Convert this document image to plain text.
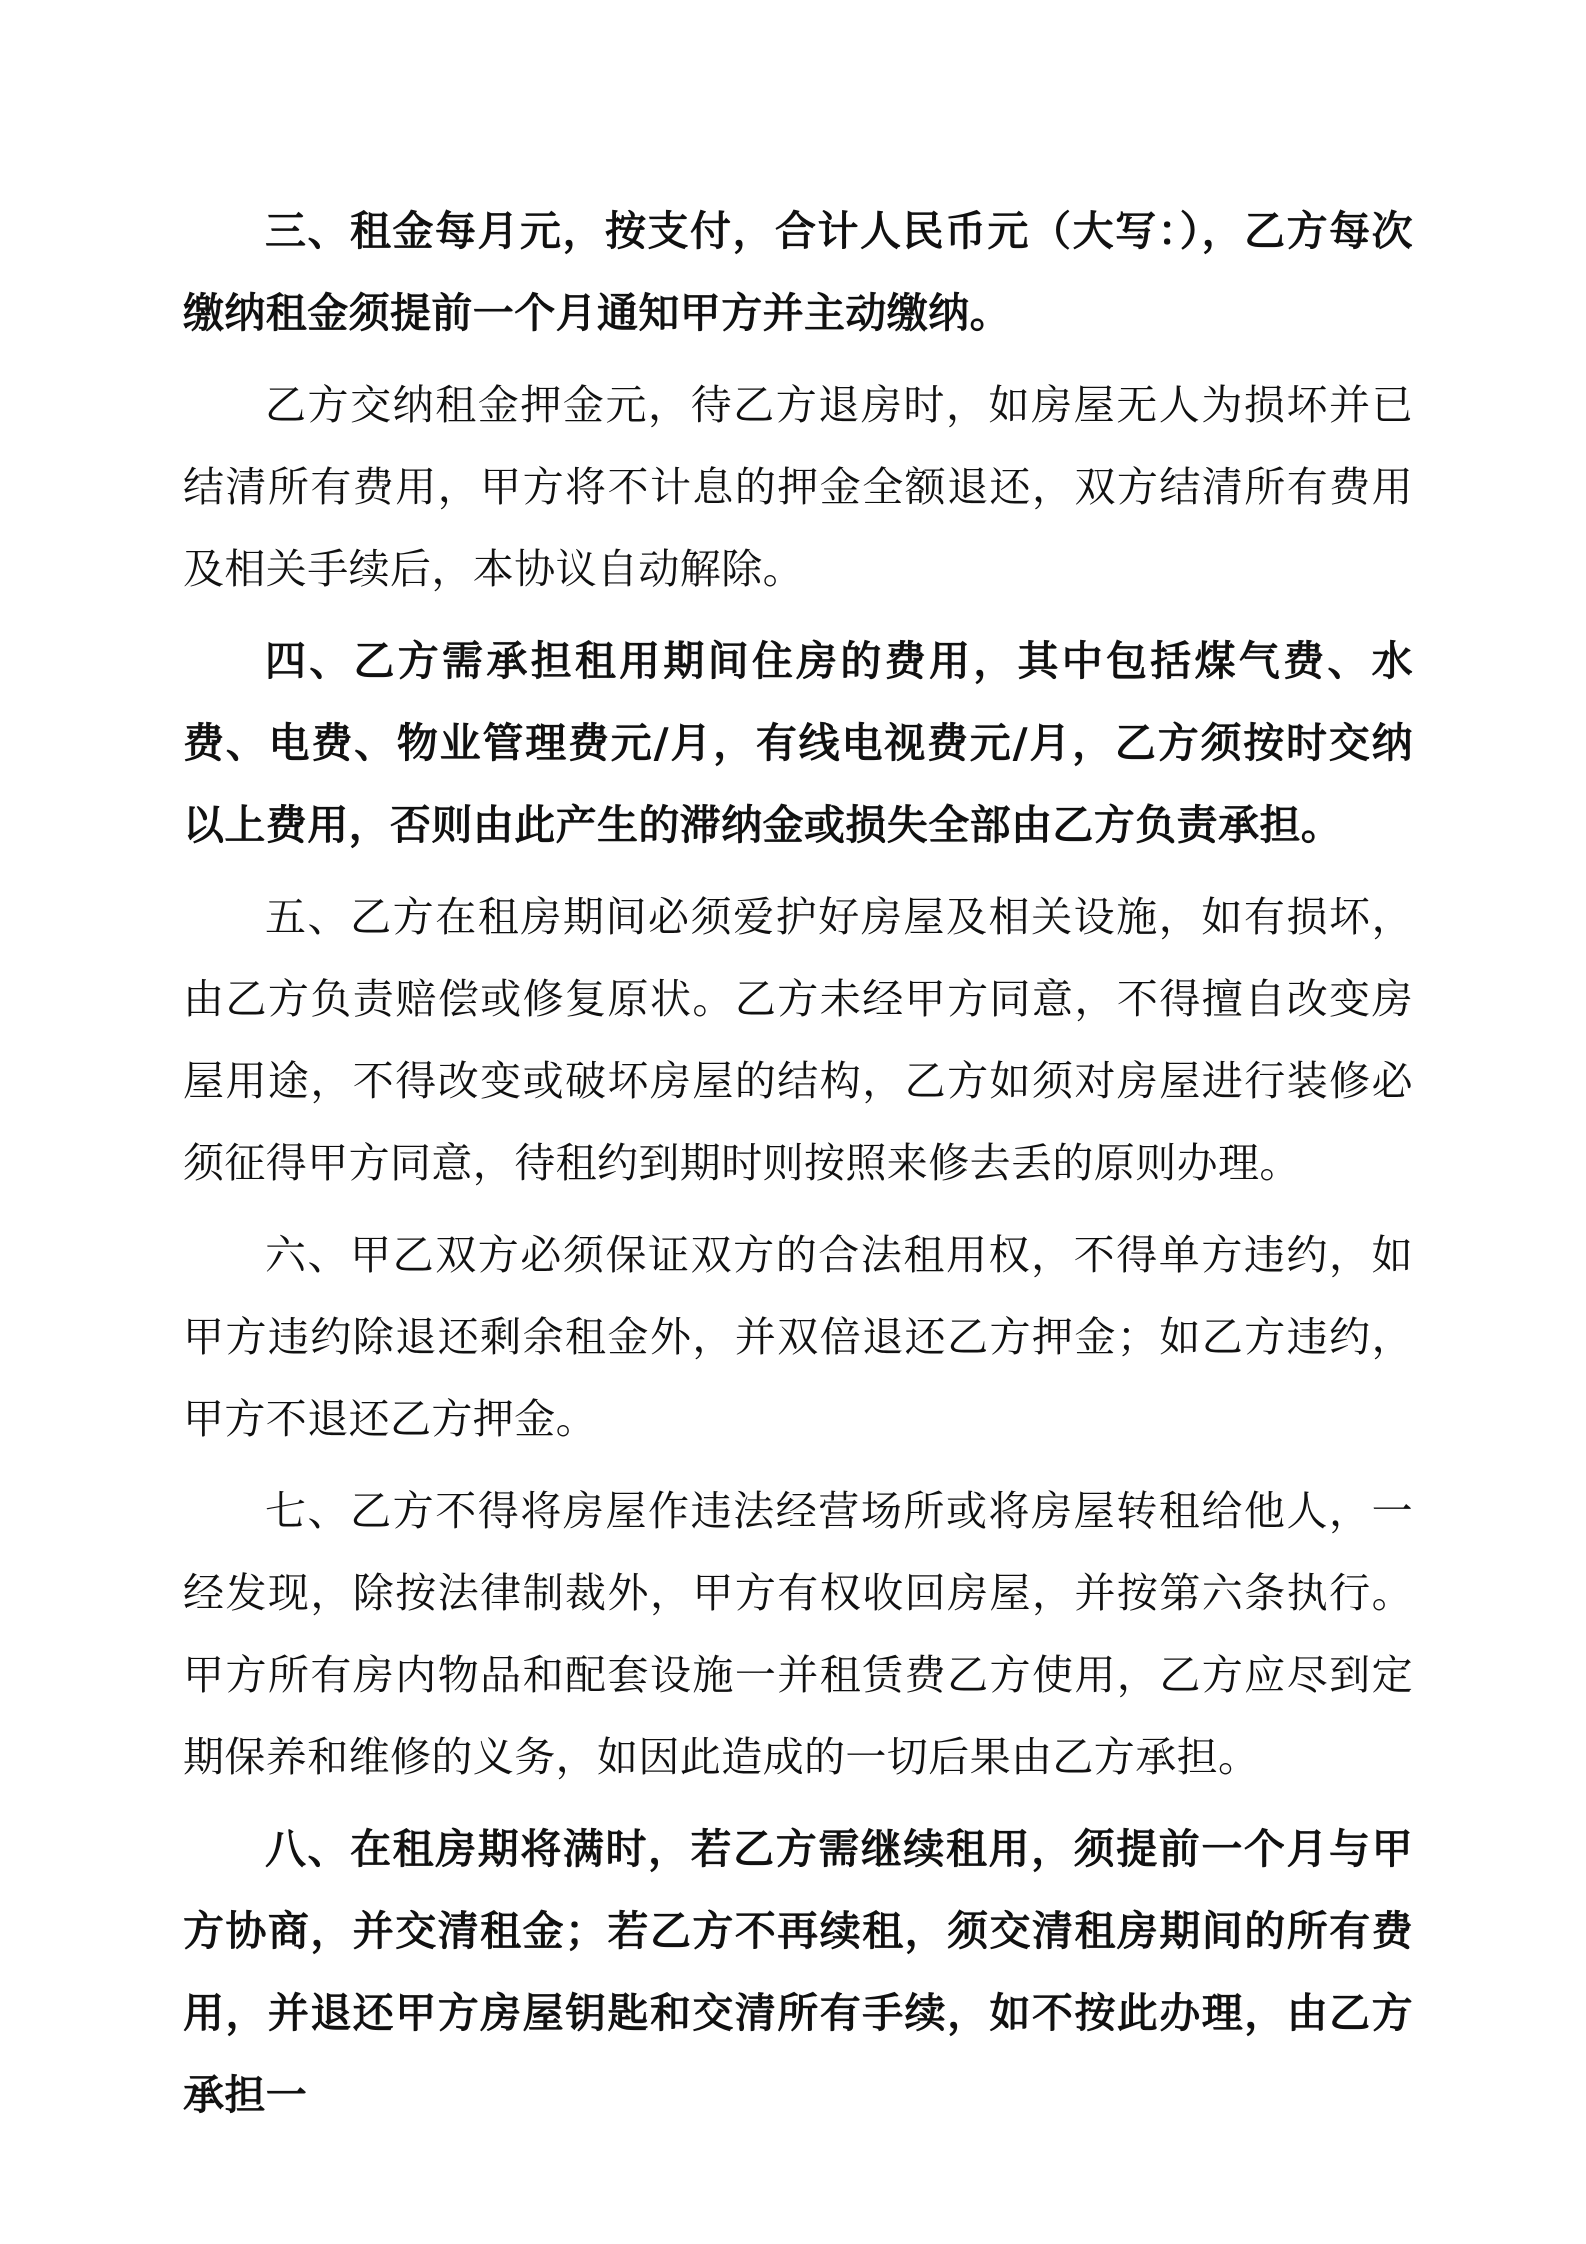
三、租金每月元，按支付，合计人民币元（大写：），乙方每次缴纳租金须提前一个月通知甲方并主动缴纳。

乙方交纳租金押金元，待乙方退房时，如房屋无人为损坏并已结清所有费用，甲方将不计息的押金全额退还，双方结清所有费用及相关手续后，本协议自动解除。

四、乙方需承担租用期间住房的费用，其中包括煤气费、水费、电费、物业管理费元/月，有线电视费元/月，乙方须按时交纳以上费用，否则由此产生的滞纳金或损失全部由乙方负责承担。

五、乙方在租房期间必须爱护好房屋及相关设施，如有损坏，由乙方负责赔偿或修复原状。乙方未经甲方同意，不得擅自改变房屋用途，不得改变或破坏房屋的结构，乙方如须对房屋进行装修必须征得甲方同意，待租约到期时则按照来修去丢的原则办理。

六、甲乙双方必须保证双方的合法租用权，不得单方违约，如甲方违约除退还剩余租金外，并双倍退还乙方押金；如乙方违约，甲方不退还乙方押金。

七、乙方不得将房屋作违法经营场所或将房屋转租给他人，一经发现，除按法律制裁外，甲方有权收回房屋，并按第六条执行。甲方所有房内物品和配套设施一并租赁费乙方使用，乙方应尽到定期保养和维修的义务，如因此造成的一切后果由乙方承担。

八、在租房期将满时，若乙方需继续租用，须提前一个月与甲方协商，并交清租金；若乙方不再续租，须交清租房期间的所有费用，并退还甲方房屋钥匙和交清所有手续，如不按此办理，由乙方承担一
